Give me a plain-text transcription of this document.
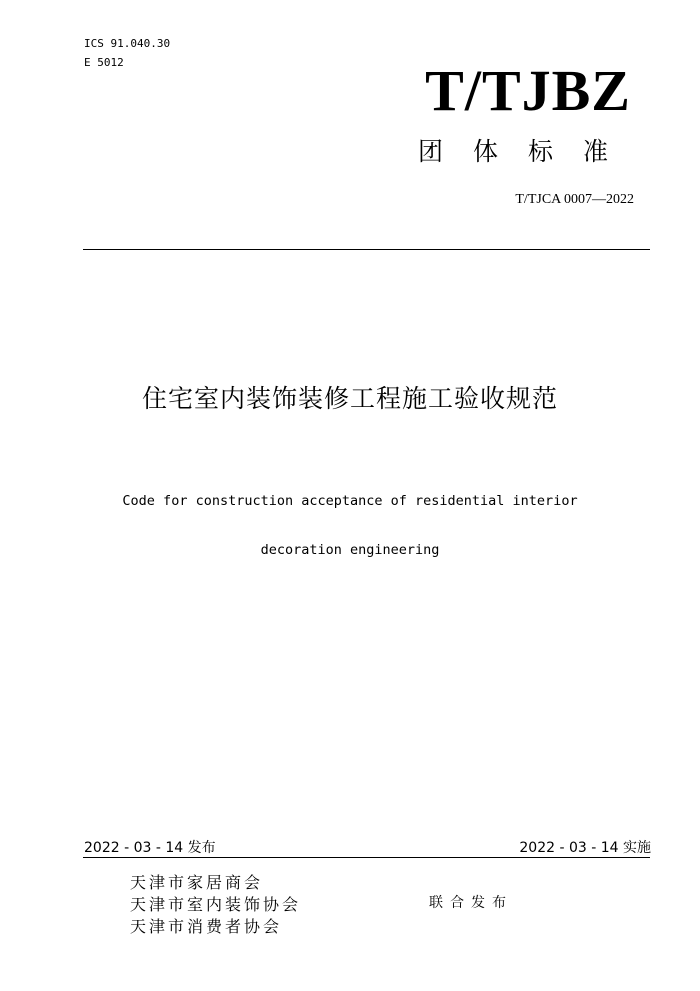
ICS 91.040.30
E 5012	T/TJBZ
团体标准
T/TJCA 0007—2022
住宅室内装饰装修工程施工验收规范
Code for construction acceptance of residential interior
decoration engineering
2022 - 03 - 14 发布	2022 - 03 - 14 实施
天津市家居商会
天津市室内装饰协会
天津市消费者协会
联合发布
